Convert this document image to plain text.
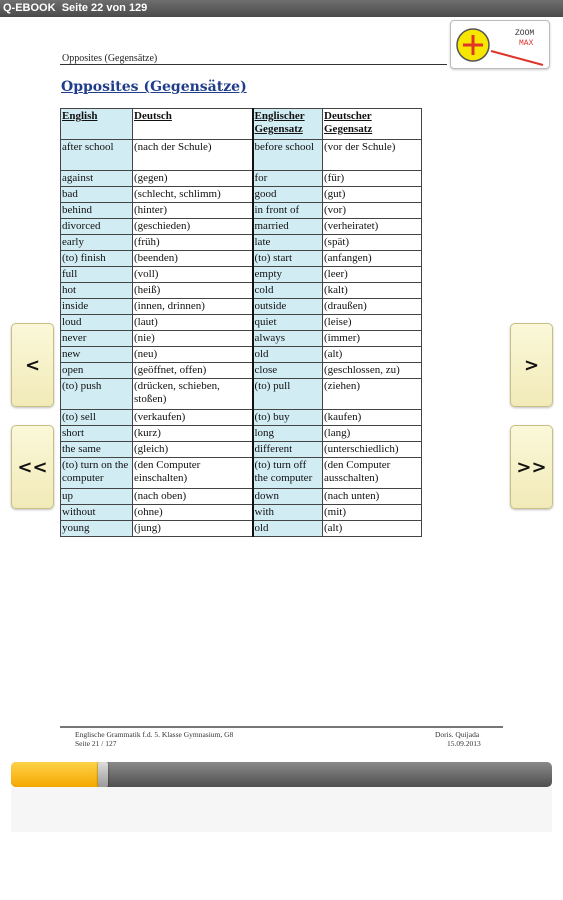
Q-EBOOK Seite 22 von 129
Opposites (Gegensätze)
ZOOM
MAX
Opposites (Gegensätze)
English	Deutsch	Englischer Gegensatz	Deutscher Gegensatz
after school	(nach der Schule)	before school	(vor der Schule)
against	(gegen)	for	(für)
bad	(schlecht, schlimm)	good	(gut)
behind	(hinter)	in front of	(vor)
divorced	(geschieden)	married	(verheiratet)
early	(früh)	late	(spät)
(to) finish	(beenden)	(to) start	(anfangen)
full	(voll)	empty	(leer)
hot	(heiß)	cold	(kalt)
inside	(innen, drinnen)	outside	(draußen)
loud	(laut)	quiet	(leise)
never	(nie)	always	(immer)
new	(neu)	old	(alt)
open	(geöffnet, offen)	close	(geschlossen, zu)
(to) push	(drücken, schieben, stoßen)	(to) pull	(ziehen)
(to) sell	(verkaufen)	(to) buy	(kaufen)
short	(kurz)	long	(lang)
the same	(gleich)	different	(unterschiedlich)
(to) turn on the computer	(den Computer einschalten)	(to) turn off the computer	(den Computer ausschalten)
up	(nach oben)	down	(nach unten)
without	(ohne)	with	(mit)
young	(jung)	old	(alt)
<
<<
>
>>
Englische Grammatik f.d. 5. Klasse Gymnasium, G8
Seite 21 / 127
Doris. Quijada
15.09.2013
